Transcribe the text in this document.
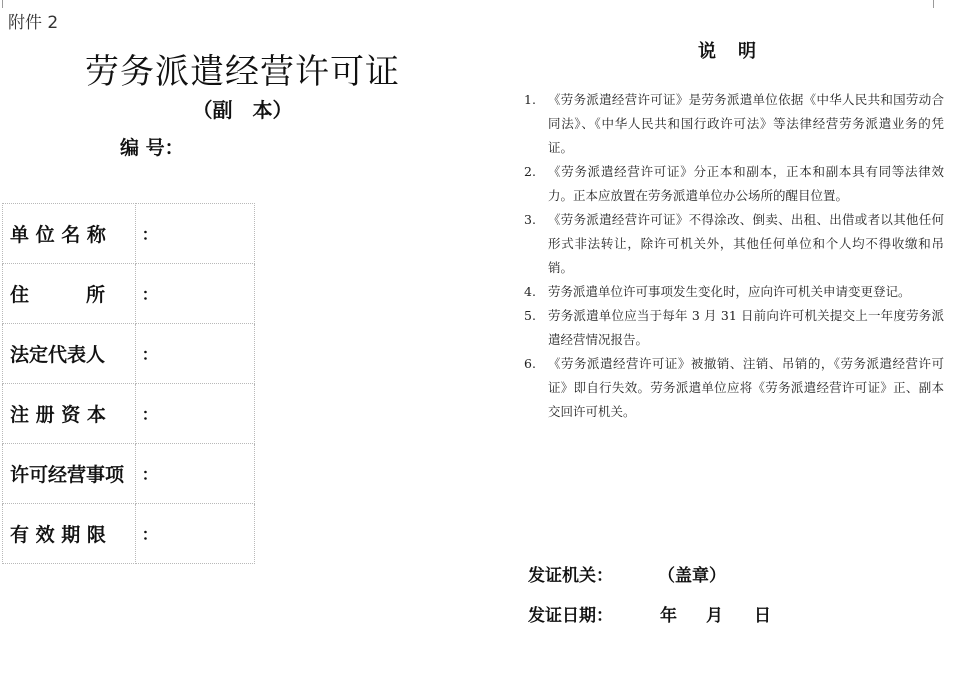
附件 2
劳务派遣经营许可证
（副　本）
编 号：
单 位 名 称	：
住　　　所	：
法定代表人	：
注 册 资 本	：
许可经营事项	：
有 效 期 限	：
说明
1. 《劳务派遣经营许可证》是劳务派遣单位依据《中华人民共和国劳动合同法》、《中华人民共和国行政许可法》等法律经营劳务派遣业务的凭证。
2. 《劳务派遣经营许可证》分正本和副本，正本和副本具有同等法律效力。正本应放置在劳务派遣单位办公场所的醒目位置。
3. 《劳务派遣经营许可证》不得涂改、倒卖、出租、出借或者以其他任何形式非法转让，除许可机关外，其他任何单位和个人均不得收缴和吊销。
4. 劳务派遣单位许可事项发生变化时，应向许可机关申请变更登记。
5. 劳务派遣单位应当于每年 3 月 31 日前向许可机关提交上一年度劳务派遣经营情况报告。
6. 《劳务派遣经营许可证》被撤销、注销、吊销的，《劳务派遣经营许可证》即自行失效。劳务派遣单位应将《劳务派遣经营许可证》正、副本交回许可机关。
发证机关：	（盖章）
发证日期：	年 月 日
